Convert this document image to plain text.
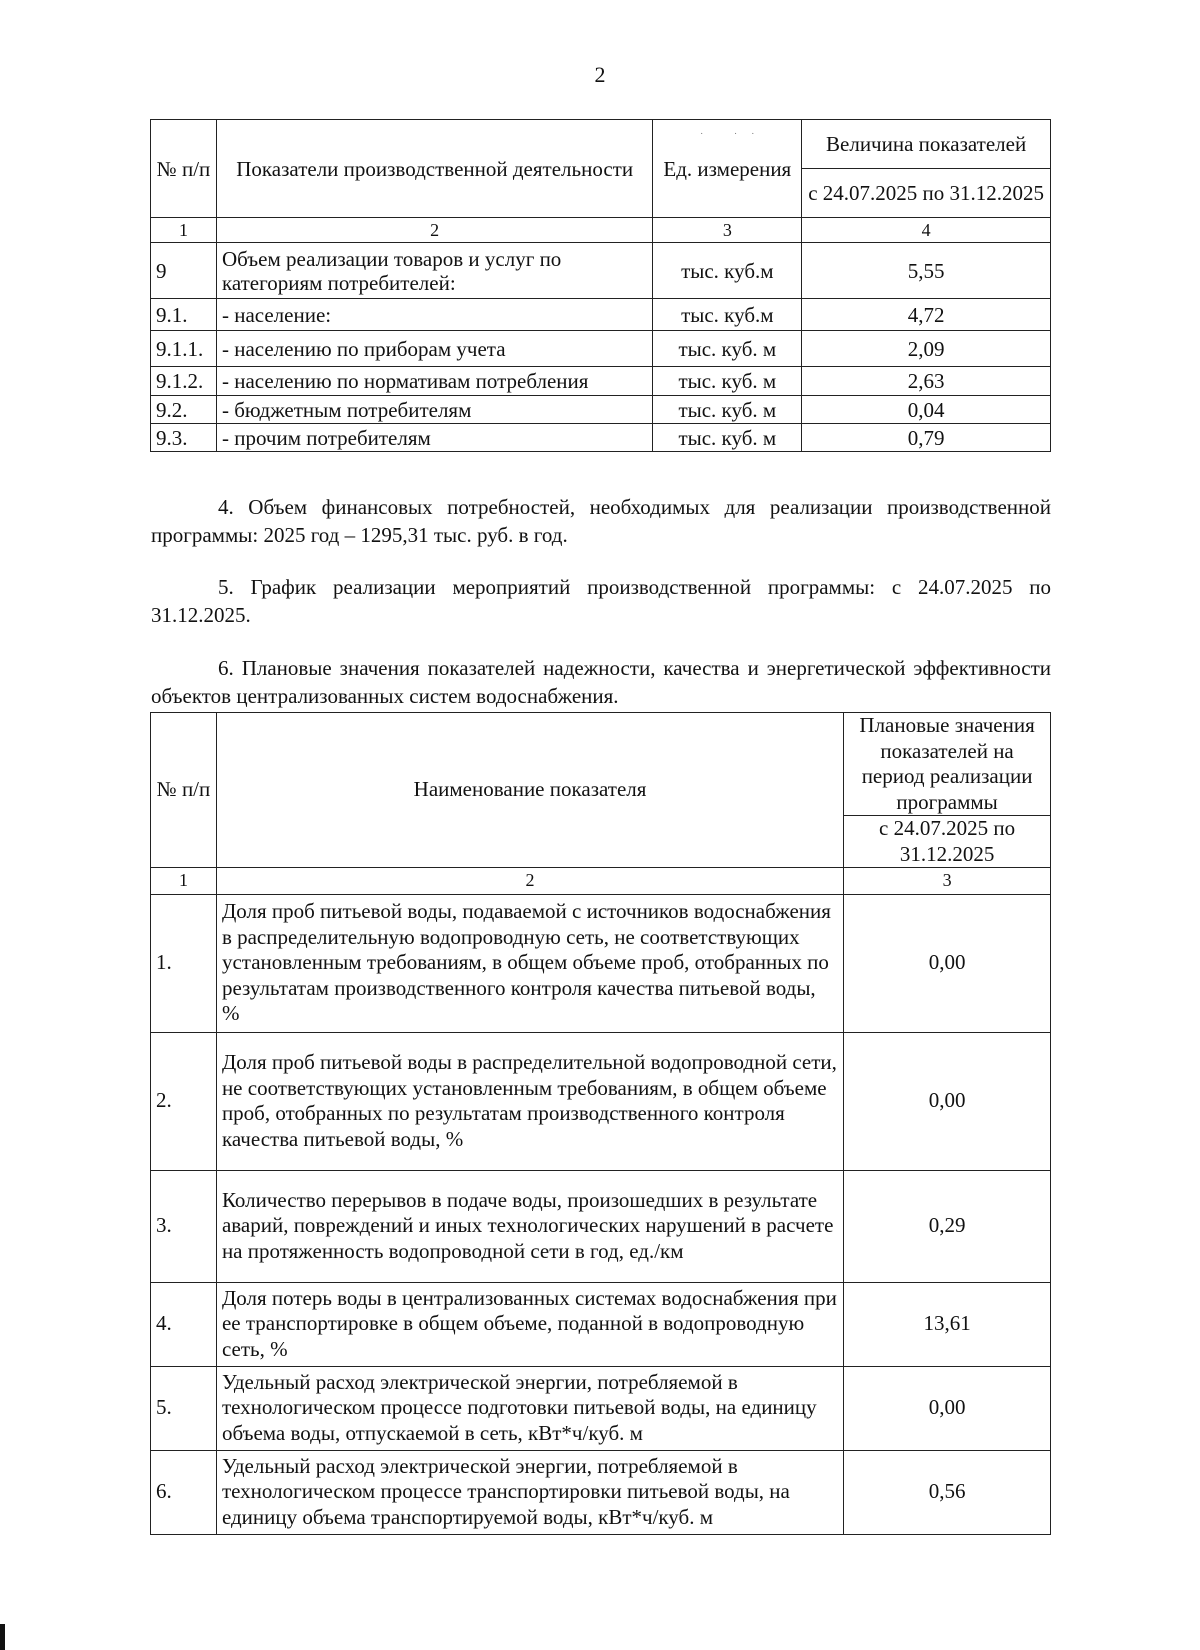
2
˙ ˙˙
№ п/п	Показатели производственной деятельности	Ед. измерения	Величина показателей
			с 24.07.2025 по 31.12.2025
1	2	3	4
9	Объем реализации товаров и услуг по категориям потребителей:	тыс. куб.м	5,55
9.1.	- население:	тыс. куб.м	4,72
9.1.1.	- населению по приборам учета	тыс. куб. м	2,09
9.1.2.	- населению по нормативам потребления	тыс. куб. м	2,63
9.2.	- бюджетным потребителям	тыс. куб. м	0,04
9.3.	- прочим потребителям	тыс. куб. м	0,79
4. Объем финансовых потребностей, необходимых для реализации производственной программы: 2025 год – 1295,31 тыс. руб. в год.
5. График реализации мероприятий производственной программы: с 24.07.2025 по 31.12.2025.
6. Плановые значения показателей надежности, качества и энергетической эффективности объектов централизованных систем водоснабжения.
№ п/п	Наименование показателя	Плановые значения показателей на период реализации программы
		с 24.07.2025 по 31.12.2025
1	2	3
1.	Доля проб питьевой воды, подаваемой с источников водоснабжения в распределительную водопроводную сеть, не соответствующих установленным требованиям, в общем объеме проб, отобранных по результатам производственного контроля качества питьевой воды, %	0,00
2.	Доля проб питьевой воды в распределительной водопроводной сети, не соответствующих установленным требованиям, в общем объеме проб, отобранных по результатам производственного контроля качества питьевой воды, %	0,00
3.	Количество перерывов в подаче воды, произошедших в результате аварий, повреждений и иных технологических нарушений в расчете на протяженность водопроводной сети в год, ед./км	0,29
4.	Доля потерь воды в централизованных системах водоснабжения при ее транспортировке в общем объеме, поданной в водопроводную сеть, %	13,61
5.	Удельный расход электрической энергии, потребляемой в технологическом процессе подготовки питьевой воды, на единицу объема воды, отпускаемой в сеть, кВт*ч/куб. м	0,00
6.	Удельный расход электрической энергии, потребляемой в технологическом процессе транспортировки питьевой воды, на единицу объема транспортируемой воды, кВт*ч/куб. м	0,56
